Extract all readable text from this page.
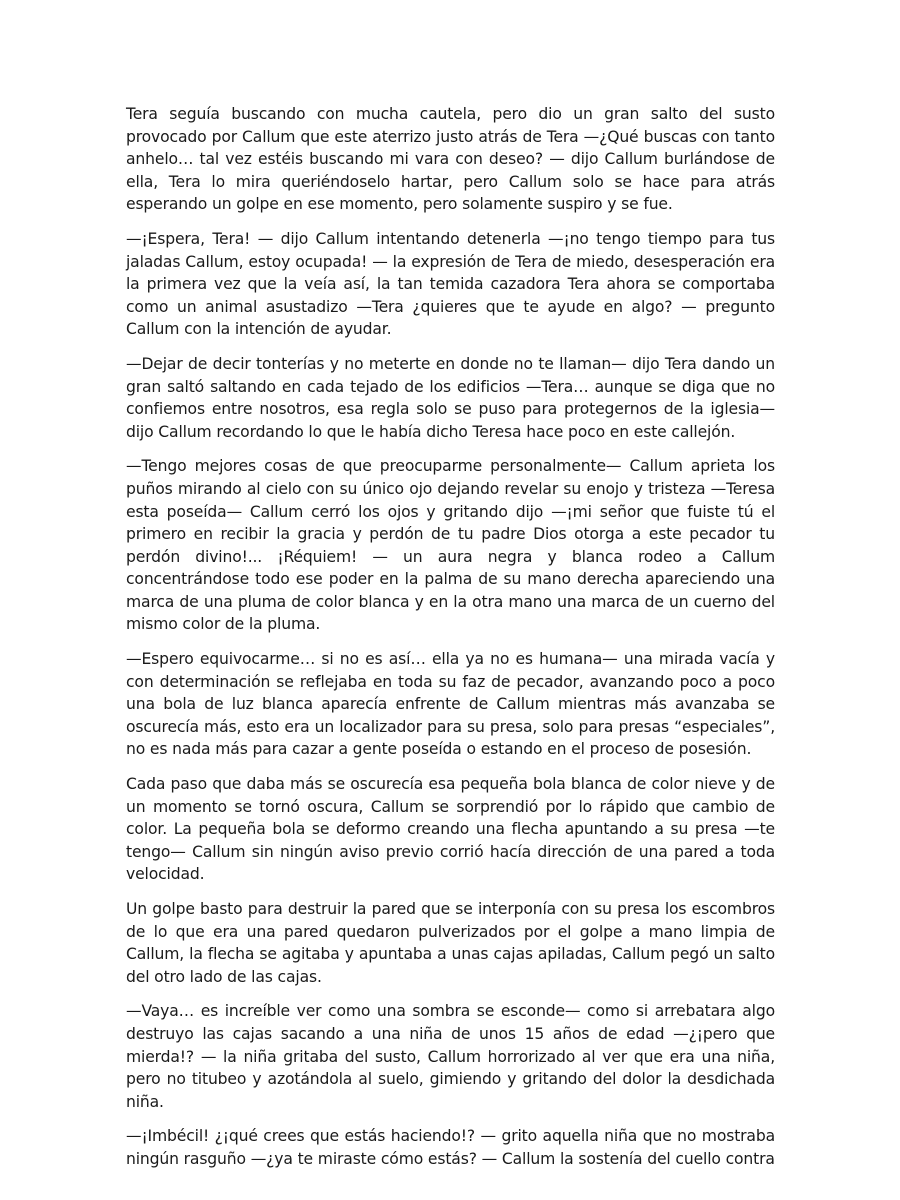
Tera seguía buscando con mucha cautela, pero dio un gran salto del susto provocado por Callum que este aterrizo justo atrás de Tera —¿Qué buscas con tanto anhelo… tal vez estéis buscando mi vara con deseo? — dijo Callum burlándose de ella, Tera lo mira queriéndoselo hartar, pero Callum solo se hace para atrás esperando un golpe en ese momento, pero solamente suspiro y se fue.

—¡Espera, Tera! — dijo Callum intentando detenerla —¡no tengo tiempo para tus jaladas Callum, estoy ocupada! — la expresión de Tera de miedo, desesperación era la primera vez que la veía así, la tan temida cazadora Tera ahora se comportaba como un animal asustadizo —Tera ¿quieres que te ayude en algo? — pregunto Callum con la intención de ayudar.

—Dejar de decir tonterías y no meterte en donde no te llaman— dijo Tera dando un gran saltó saltando en cada tejado de los edificios —Tera… aunque se diga que no confiemos entre nosotros, esa regla solo se puso para protegernos de la iglesia— dijo Callum recordando lo que le había dicho Teresa hace poco en este callejón.

—Tengo mejores cosas de que preocuparme personalmente— Callum aprieta los puños mirando al cielo con su único ojo dejando revelar su enojo y tristeza —Teresa esta poseída— Callum cerró los ojos y gritando dijo —¡mi señor que fuiste tú el primero en recibir la gracia y perdón de tu padre Dios otorga a este pecador tu perdón divino!... ¡Réquiem! — un aura negra y blanca rodeo a Callum concentrándose todo ese poder en la palma de su mano derecha apareciendo una marca de una pluma de color blanca y en la otra mano una marca de un cuerno del mismo color de la pluma.

—Espero equivocarme… si no es así… ella ya no es humana— una mirada vacía y con determinación se reflejaba en toda su faz de pecador, avanzando poco a poco una bola de luz blanca aparecía enfrente de Callum mientras más avanzaba se oscurecía más, esto era un localizador para su presa, solo para presas “especiales”, no es nada más para cazar a gente poseída o estando en el proceso de posesión.

Cada paso que daba más se oscurecía esa pequeña bola blanca de color nieve y de un momento se tornó oscura, Callum se sorprendió por lo rápido que cambio de color. La pequeña bola se deformo creando una flecha apuntando a su presa —te tengo— Callum sin ningún aviso previo corrió hacía dirección de una pared a toda velocidad.

Un golpe basto para destruir la pared que se interponía con su presa los escombros de lo que era una pared quedaron pulverizados por el golpe a mano limpia de Callum, la flecha se agitaba y apuntaba a unas cajas apiladas, Callum pegó un salto del otro lado de las cajas.

—Vaya… es increíble ver como una sombra se esconde— como si arrebatara algo destruyo las cajas sacando a una niña de unos 15 años de edad —¿¡pero que mierda!? — la niña gritaba del susto, Callum horrorizado al ver que era una niña, pero no titubeo y azotándola al suelo, gimiendo y gritando del dolor la desdichada niña.

—¡Imbécil! ¿¡qué crees que estás haciendo!? — grito aquella niña que no mostraba ningún rasguño —¿ya te miraste cómo estás? — Callum la sostenía del cuello contra
